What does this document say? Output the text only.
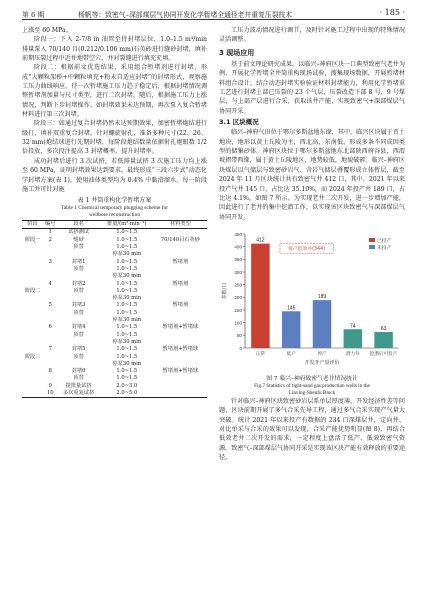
第 6 期	杨帆等：致密气–深部煤层气协同开发化学暂堵全通径老井重复压裂技术	· 185 ·

上涨至 60 MPa。

阶段一：下入 2-7/8 in 油管至待封堵层位，1.0–1.5 m³/min 排量泵入 70/140 目(0.212/0.106 mm)石英砂进行缝砂封堵，填补前期压裂过程中近井地带空穴，并对裂缝进行填充充填。

阶段二：根据前文优选结果，采用组合暂堵剂进行封堵，形成“大颗粒架桥+中颗粒填充+粉末自适应封堵”的封堵形式，观察施工压力曲线响应。待一次暂堵施工压力趋于稳定后，根据封堵情况调整暂堵剂加量与尺寸类型，进行二次封堵。随后，根据施工压力上涨情况，判断下步封堵操作。如封堵效果未达预期，再次泵入复合暂堵材料进行第三次封堵。

阶段三：如通过复合封堵仍然未达预期效果，加密暂堵炮结进行级打，填补双重复合封堵。针对螺旋射孔、准备多种尺寸(22、26、32 mm)炮结球进行先期封堵，每阶段炮结数量依据射孔炮眼数 1/2 倍投放，多次投注提高 3 封堵概率，提升封堵率。

成功封堵后进行 3 次试挤，若低排量试挤 3 次施工压力均上涨至 60 MPa，证明封堵效果达到要求。最终形成“三段六步式”动态化学封堵方案(表 1)，使用油体类型均为 0.4% 中黏滑溜水，每一阶段施工并可针对施

表 1 井筒重构化学暂堵方案
Table 1 Chemical temporary plugging scheme for
wellbore reconstruction
阶段	编号	段名	排量/(m³·min⁻¹)	材料类型
	1	试挤测试	1.0~1.5	
阶段一	2	缝砂	1.0~1.5	70/140目石英砂
		顶替	1.0~1.5	
			停泵30 min	
	3	封堵1	1.0~1.5	暂堵剂
		顶替	1.0~1.5	
			停泵30 min	
	4	封堵2	1.0~1.5	暂堵剂
阶段二		顶替	1.0~1.5	
			停泵30 min	
	5	封堵3	1.0~1.5	暂堵剂
		顶替	1.0~1.5	
			停泵30 min	
	6	封堵4	1.0~1.5	暂堵剂+暂堵球
		顶替	1.0~1.5	
			停泵30 min	
	7	封堵5	1.0~1.5	暂堵剂+暂堵球
阶段三		顶替	1.0~1.5	
			停泵30 min	
	8	封堵6	1.0~1.5	暂堵剂+暂堵球
		顶替	1.0~1.5	
	9	提排量试挤	2.0~3.0	
	10	多次重复试挤	2.0~5.0	

工压力波动情况进行调节，及时针对施工过程中出现的特殊情况灵活调整。

3 现场应用

基于前文理论研究成果，以临兴–神府区块一口典型致密气老井为例，开展化学暂堵全井筒重构现场试验，搜集现场数据，开展暂堵材料组合设计，结合动态封堵实验验证材料封堵能力，利用化学暂堵重工艺进行封堵上部已压裂的 23 个气层，压裂改造下部 8 号、9 号煤层，与上部产层进行合采，获取该井产能，实现致密气+深部煤层气协同开采。

3.1 区块概况

临兴–神府气田位于鄂尔多斯盆地东缘，其中，临兴区块属于晋土地块，地形以黄土丘陵为主，西北高，东南低，形成多条不同成因类型的储集砂体。神府区块位于鄂尔多斯盆地东北部陕西府谷县，西渭坡褶带西缘，属于黄土丘陵地区，地势较低，地貌破碎。临兴–神府区块煤层以气储层与致密砂岩气、含岩气储层叠覆形成立体暂层，截至 2024 年 11 月区块统计共有致密气井 412 口，其中，2021 年以来投产气井 145 口，占比达 35.19%，而 2024 年投产井 189 口，占比达 4.1%，如图 7 所示。为实现老井二次开发，进一步增加产能，因此进行了老井的集中挖潜工作，以实现该区块致密气与深部煤层气协同开发。

0
50
100
150
200
250
300
350
400
450
井数/口
412
正常
145
低产
189
停产
74
潜力井
63
挖潜后可投产
低产低效井(344)
已投产
未投产
开发开产量评价
图 7 临兴–神府致密气老井情况统计
Fig.7 Statistics of tight-sand gas production wells in the
Linxing-Shenfu Block

针对临兴–神府区块致密砂岩层系单层厚度薄、开发经济性差等问题，区块前期开展了多气合采先导工程，通过多气合采实现产气量大突破。统计 2021 年以来投产有数据的 234 口深煤层井，定向井、对比单采与合采的效果可以发现，合采产能优势明显(图 8)，再结合低效老井二次开发的需求，一定程度上盘活了低产、低效致密气资源。致密气–深部煤层气协同开采是实现该区块产能有效释放的重要途径。
